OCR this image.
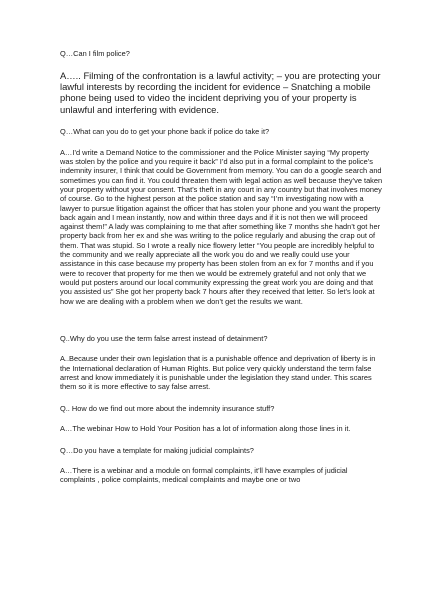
Q…Can I film police?

A….. Filming of the confrontation is a lawful activity; – you are protecting your lawful interests by recording the incident for evidence – Snatching a mobile phone being used to video the incident depriving you of your property is unlawful and interfering with evidence.

Q…What can you do to get your phone back if police do take it?

A…I’d write a Demand Notice to the commissioner and the Police Minister saying “My property was stolen by the police and you require it back” I’d also put in a formal complaint to the police’s indemnity insurer, I think that could be Government from memory. You can do a google search and sometimes you can find it. You could threaten them with legal action as well because they’ve taken your property without your consent. That’s theft in any court in any country but that involves money of course. Go to the highest person at the police station and say “I’m investigating now with a lawyer to pursue litigation against the officer that has stolen your phone and you want the property back again and I mean instantly, now and within three days and if it is not then we will proceed against them!” A lady was complaining to me that after something like 7 months she hadn’t got her property back from her ex and she was writing to the police regularly and abusing the crap out of them. That was stupid. So I wrote a really nice flowery letter “You people are incredibly helpful to the community and we really appreciate all the work you do and we really could use your assistance in this case because my property has been stolen from an ex for 7 months and if you were to recover that property for me then we would be extremely grateful and not only that we would put posters around our local community expressing the great work you are doing and that you assisted us” She got her property back 7 hours after they received that letter. So let’s look at how we are dealing with a problem when we don’t get the results we want.

Q..Why do you use the term false arrest instead of detainment?

A..Because under their own legislation that is a punishable offence and deprivation of liberty is in the International declaration of Human Rights. But police very quickly understand the term false arrest and know immediately it is punishable under the legislation they stand under. This scares them so it is more effective to say false arrest.

Q.. How do we find out more about the indemnity insurance stuff?

A…The webinar How to Hold Your Position has a lot of information along those lines in it.

Q…Do you have a template for making judicial complaints?

A…There is a webinar and a module on formal complaints, it’ll have examples of judicial complaints , police complaints, medical complaints and maybe one or two
